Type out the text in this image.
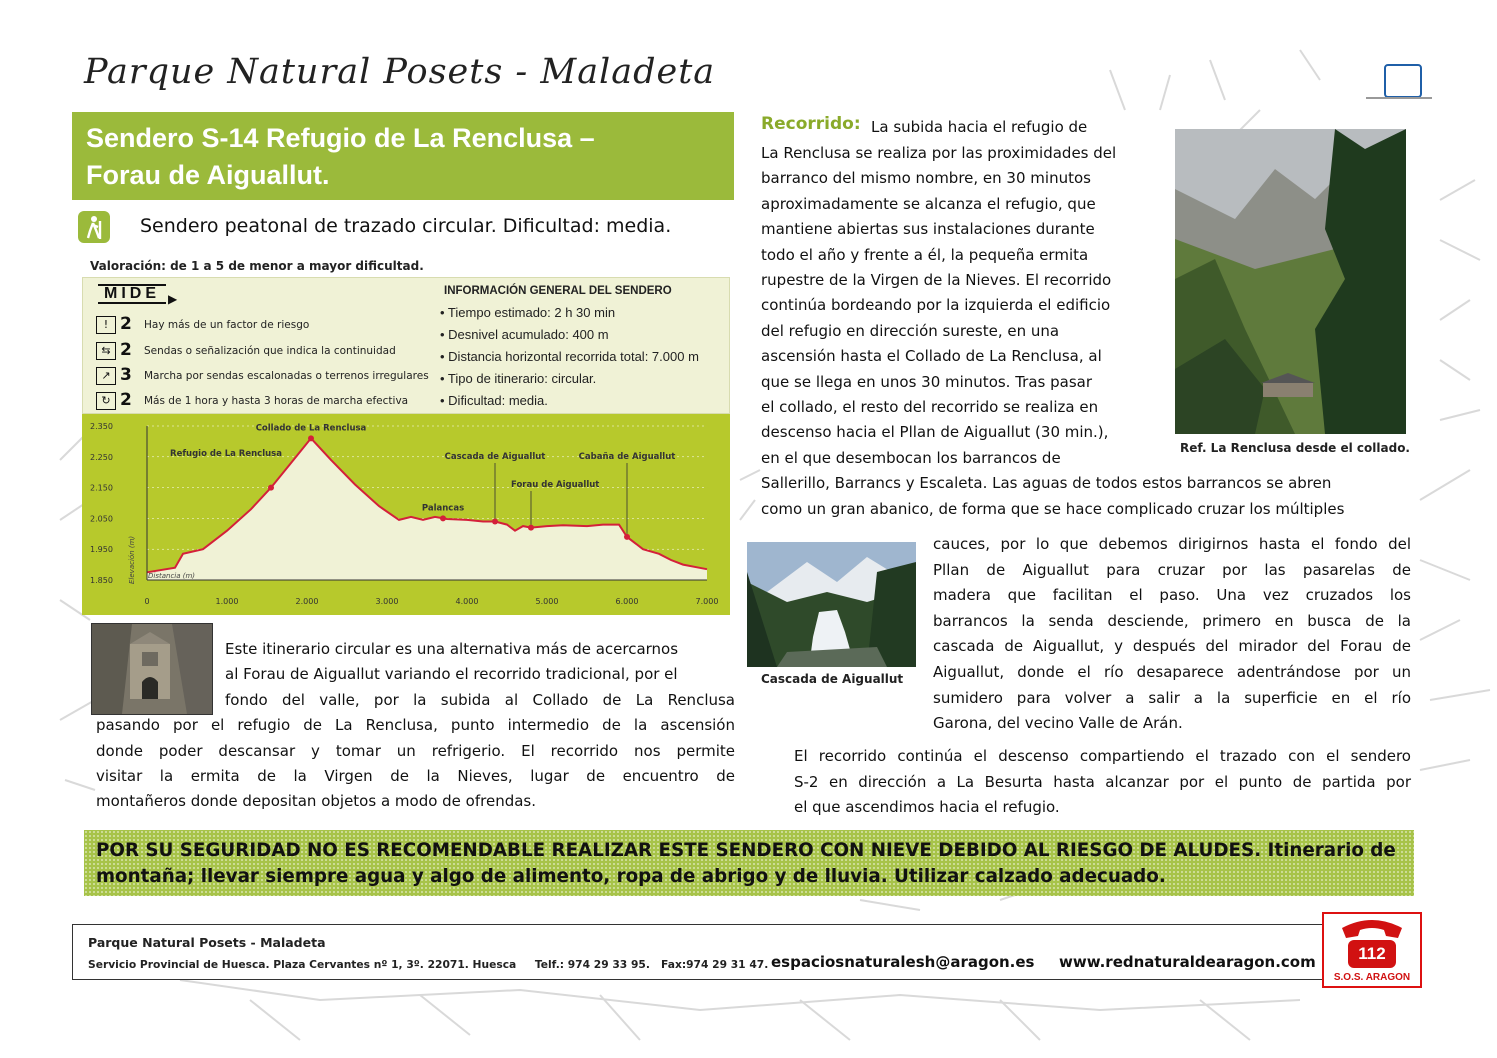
Parque Natural Posets - Maladeta
Sendero S-14 Refugio de La Renclusa –
Forau de Aiguallut.
Sendero peatonal de trazado circular. Dificultad: media.
Valoración: de 1 a 5 de menor a mayor dificultad.
MIDE ▶
! 2 Hay más de un factor de riesgo
⇆ 2 Sendas o señalización que indica la continuidad
↗ 3 Marcha por sendas escalonadas o terrenos irregulares
↻ 2 Más de 1 hora y hasta 3 horas de marcha efectiva
INFORMACIÓN GENERAL DEL SENDERO
• Tiempo estimado: 2 h 30 min
• Desnivel acumulado: 400 m
• Distancia horizontal recorrida total: 7.000 m
• Tipo de itinerario: circular.
• Dificultad: media.
Refugio de La Renclusa
Collado de La Renclusa
Palancas
Cascada de Aiguallut
Forau de Aiguallut
Cabaña de Aiguallut
2.350
2.250
2.150
2.050
1.950
1.850
0	1.000	2.000	3.000	4.000	5.000	6.000	7.000
Distancia (m)
Elevación (m)
Este itinerario circular es una alternativa más de acercarnos
al Forau de Aiguallut variando el recorrido tradicional, por el
fondo del valle, por la subida al Collado de La Renclusa
pasando por el refugio de La Renclusa, punto intermedio de la ascensión
donde poder descansar y tomar un refrigerio. El recorrido nos permite
visitar la ermita de la Virgen de la Nieves, lugar de encuentro de
montañeros donde depositan objetos a modo de ofrendas.
Recorrido: La subida hacia el refugio de
La Renclusa se realiza por las proximidades del
barranco del mismo nombre, en 30 minutos
aproximadamente se alcanza el refugio, que
mantiene abiertas sus instalaciones durante
todo el año y frente a él, la pequeña ermita
rupestre de la Virgen de la Nieves. El recorrido
continúa bordeando por la izquierda el edificio
del refugio en dirección sureste, en una
ascensión hasta el Collado de La Renclusa, al
que se llega en unos 30 minutos. Tras pasar
el collado, el resto del recorrido se realiza en
descenso hacia el Pllan de Aiguallut (30 min.),
en el que desembocan los barrancos de
Sallerillo, Barrancs y Escaleta. Las aguas de todos estos barrancos se abren
como un gran abanico, de forma que se hace complicado cruzar los múltiples
cauces, por lo que debemos dirigirnos hasta el fondo del
Pllan de Aiguallut para cruzar por las pasarelas de
madera que facilitan el paso. Una vez cruzados los
barrancos la senda desciende, primero en busca de la
cascada de Aiguallut, y después del mirador del Forau de
Aiguallut, donde el río desaparece adentrándose por un
sumidero para volver a salir a la superficie en el río
Garona, del vecino Valle de Arán.
El recorrido continúa el descenso compartiendo el trazado con el sendero
S-2 en dirección a La Besurta hasta alcanzar por el punto de partida por
el que ascendimos hacia el refugio.
Ref. La Renclusa desde el collado.
Cascada de Aiguallut
POR SU SEGURIDAD NO ES RECOMENDABLE REALIZAR ESTE SENDERO CON NIEVE DEBIDO AL RIESGO DE ALUDES. Itinerario de
montaña; llevar siempre agua y algo de alimento, ropa de abrigo y de lluvia. Utilizar calzado adecuado.
Parque Natural Posets - Maladeta
Servicio Provincial de Huesca. Plaza Cervantes nº 1, 3º. 22071. Huesca     Telf.: 974 29 33 95.   Fax:974 29 31 47. espaciosnaturalesh@aragon.es www.rednaturaldearagon.com	112
S.O.S. ARAGON
